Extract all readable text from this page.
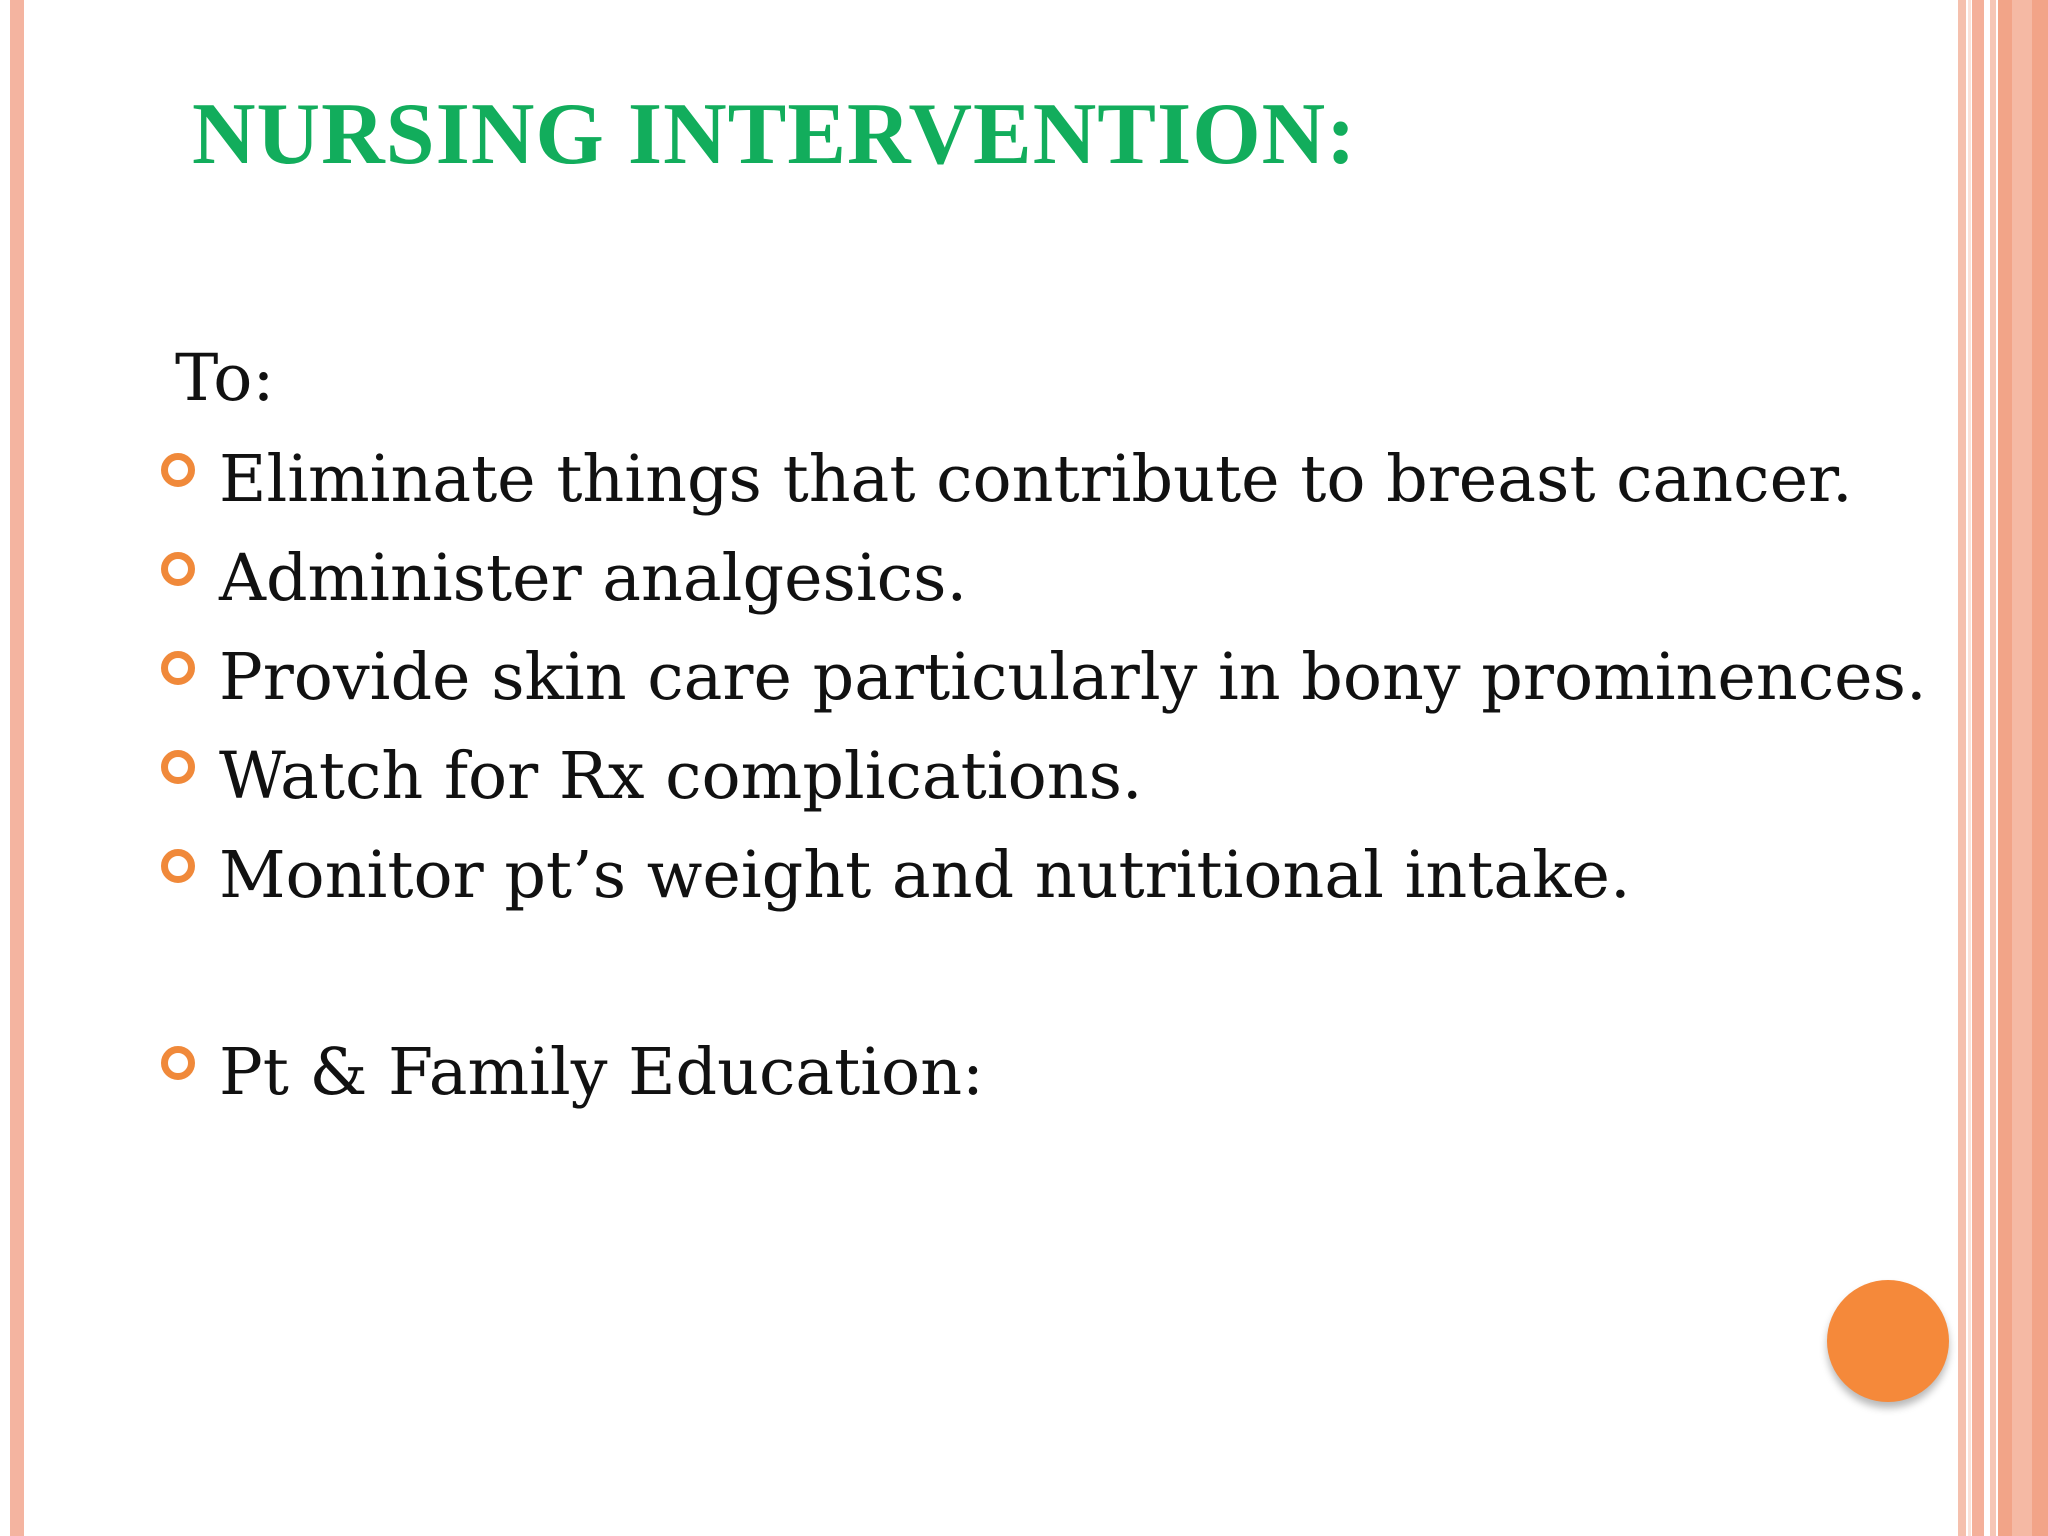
NURSING INTERVENTION:
To:
Eliminate things that contribute to breast cancer.
Administer analgesics.
Provide skin care particularly in bony prominences.
Watch for Rx complications.
Monitor pt’s weight and nutritional intake.
Pt & Family Education:
